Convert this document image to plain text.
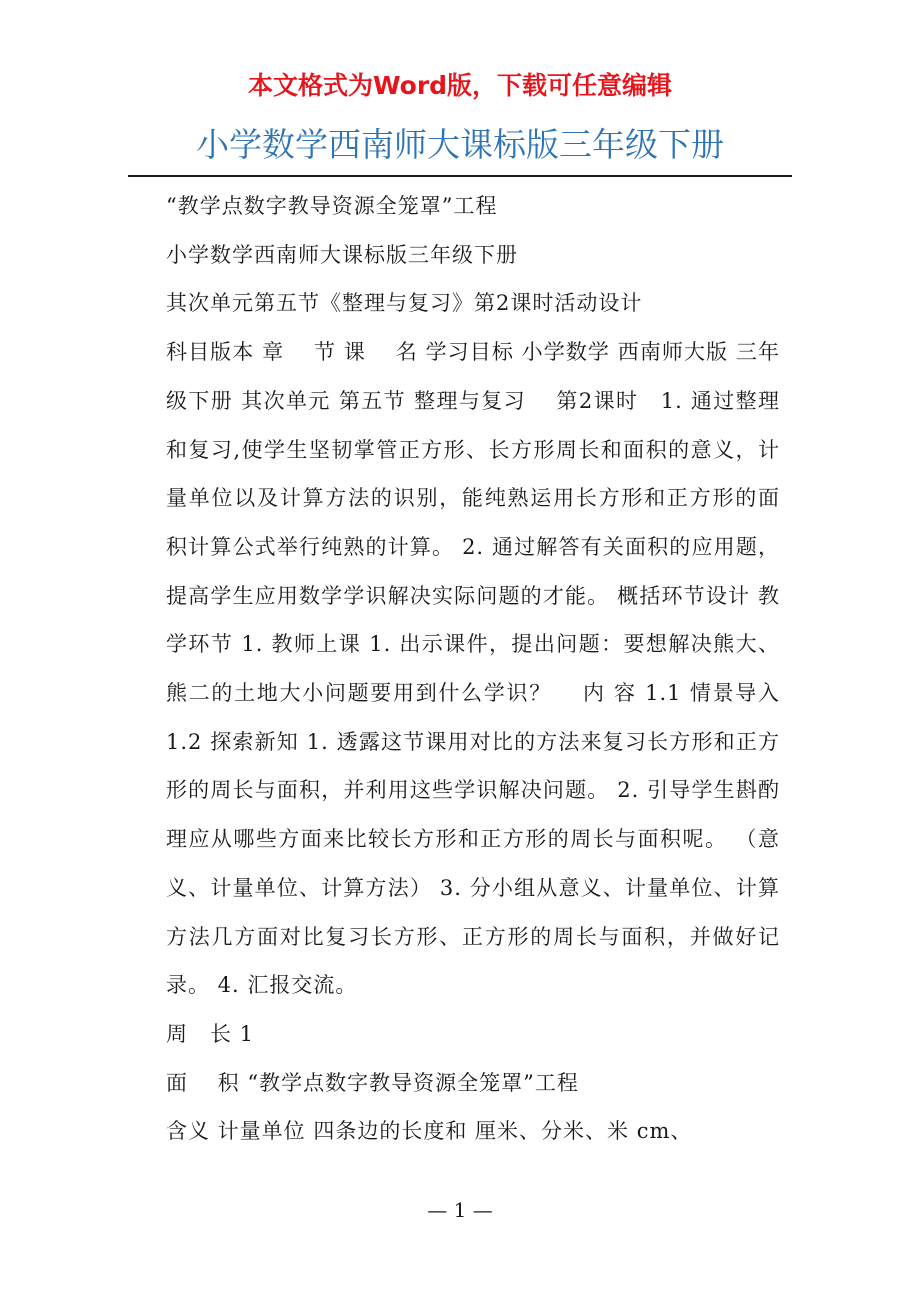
本文格式为Word版，下载可任意编辑
小学数学西南师大课标版三年级下册

“教学点数字教导资源全笼罩”工程

小学数学西南师大课标版三年级下册

其次单元第五节《整理与复习》第2课时活动设计

科目版本 章　 节 课　 名 学习目标 小学数学 西南师大版 三年级下册 其次单元 第五节 整理与复习　 第2课时　1. 通过整理和复习,使学生坚韧掌管正方形、长方形周长和面积的意义，计量单位以及计算方法的识别，能纯熟运用长方形和正方形的面积计算公式举行纯熟的计算。 2. 通过解答有关面积的应用题，提高学生应用数学学识解决实际问题的才能。 概括环节设计 教学环节 1. 教师上课 1. 出示课件，提出问题：要想解决熊大、熊二的土地大小问题要用到什么学识？　 内 容 1.1 情景导入　 1.2 探索新知 1. 透露这节课用对比的方法来复习长方形和正方形的周长与面积，并利用这些学识解决问题。 2. 引导学生斟酌理应从哪些方面来比较长方形和正方形的周长与面积呢。 （意义、计量单位、计算方法） 3. 分小组从意义、计量单位、计算方法几方面对比复习长方形、正方形的周长与面积，并做好记录。 4. 汇报交流。

周　长 1

面　 积 “教学点数字教导资源全笼罩”工程

含义 计量单位 四条边的长度和 厘米、分米、米 cm、

— 1 —
